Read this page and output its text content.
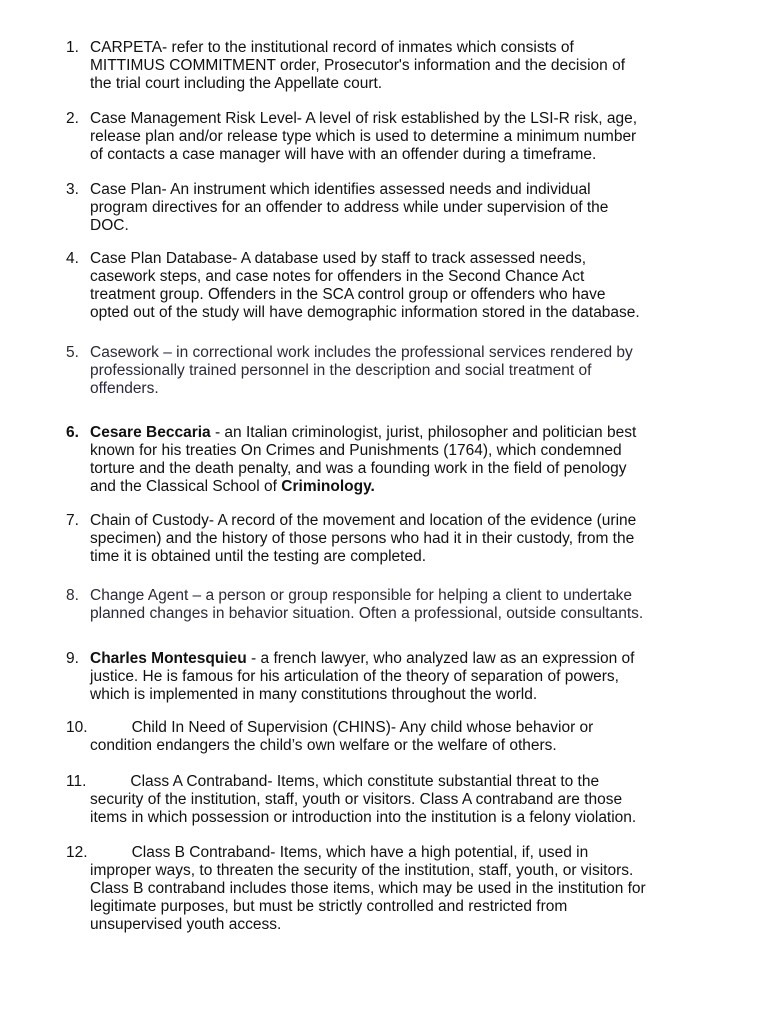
1. CARPETA- refer to the institutional record of inmates which consists of
MITTIMUS COMMITMENT order, Prosecutor's information and the decision of
the trial court including the Appellate court.
2. Case Management Risk Level- A level of risk established by the LSI-R risk, age,
release plan and/or release type which is used to determine a minimum number
of contacts a case manager will have with an offender during a timeframe.
3. Case Plan- An instrument which identifies assessed needs and individual
program directives for an offender to address while under supervision of the
DOC.
4. Case Plan Database- A database used by staff to track assessed needs,
casework steps, and case notes for offenders in the Second Chance Act
treatment group. Offenders in the SCA control group or offenders who have
opted out of the study will have demographic information stored in the database.
5. Casework – in correctional work includes the professional services rendered by
professionally trained personnel in the description and social treatment of
offenders.
6. Cesare Beccaria - an Italian criminologist, jurist, philosopher and politician best
known for his treaties On Crimes and Punishments (1764), which condemned
torture and the death penalty, and was a founding work in the field of penology
and the Classical School of Criminology.
7. Chain of Custody- A record of the movement and location of the evidence (urine
specimen) and the history of those persons who had it in their custody, from the
time it is obtained until the testing are completed.
8. Change Agent – a person or group responsible for helping a client to undertake
planned changes in behavior situation. Often a professional, outside consultants.
9. Charles Montesquieu - a french lawyer, who analyzed law as an expression of
justice. He is famous for his articulation of the theory of separation of powers,
which is implemented in many constitutions throughout the world.
10.	Child In Need of Supervision (CHINS)- Any child whose behavior or
condition endangers the child’s own welfare or the welfare of others.
11.	Class A Contraband- Items, which constitute substantial threat to the
security of the institution, staff, youth or visitors. Class A contraband are those
items in which possession or introduction into the institution is a felony violation.
12.	Class B Contraband- Items, which have a high potential, if, used in
improper ways, to threaten the security of the institution, staff, youth, or visitors.
Class B contraband includes those items, which may be used in the institution for
legitimate purposes, but must be strictly controlled and restricted from
unsupervised youth access.
